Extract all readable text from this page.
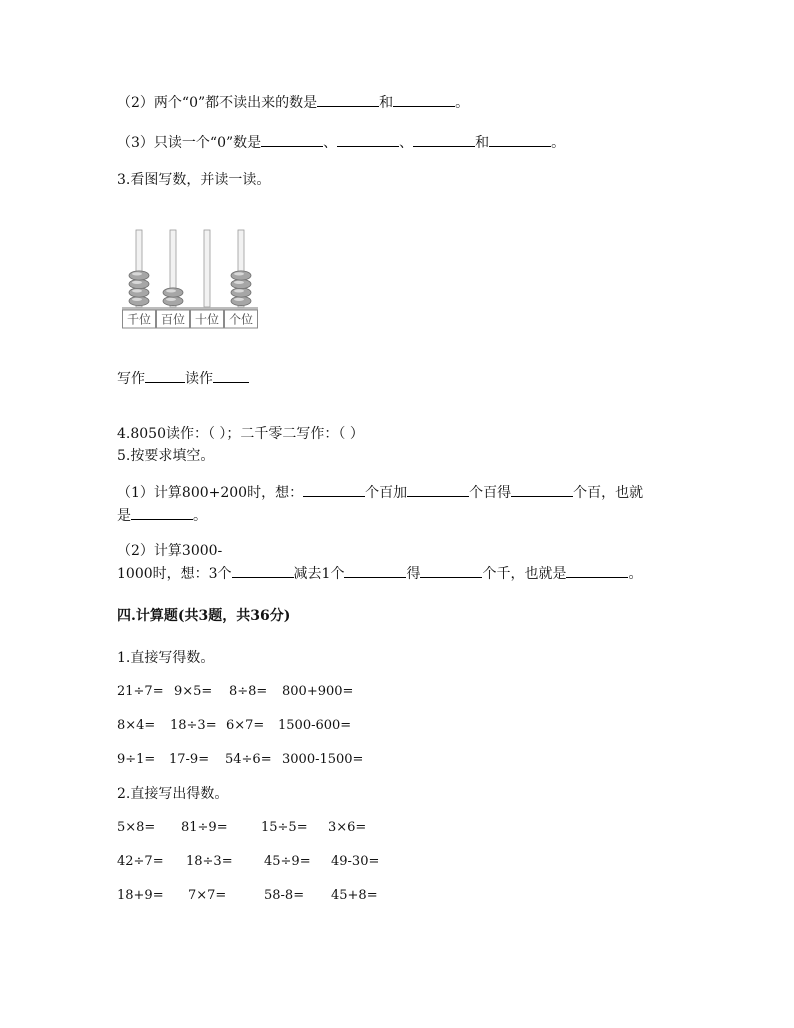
（2）两个“0”都不读出来的数是	和	。
（3）只读一个“0”数是	、	、	和	。
3.看图写数，并读一读。
千位 百位 十位 个位
写作	读作
4.8050读作：（ ）；二千零二写作：（ ）
5.按要求填空。
（1）计算800+200时，想：	个百加	个百得	个百，也就
是	。
（2）计算3000-
1000时，想：3个	减去1个	得	个千，也就是	。
四.计算题(共3题，共36分)
1.直接写得数。
21÷7= 9×5= 8÷8= 800+900=
8×4= 18÷3= 6×7= 1500-600=
9÷1= 17-9= 54÷6= 3000-1500=
2.直接写出得数。
5×8= 81÷9=	15÷5= 3×6=
42÷7= 18÷3= 45÷9= 49-30=
18+9= 7×7=	58-8= 45+8=
